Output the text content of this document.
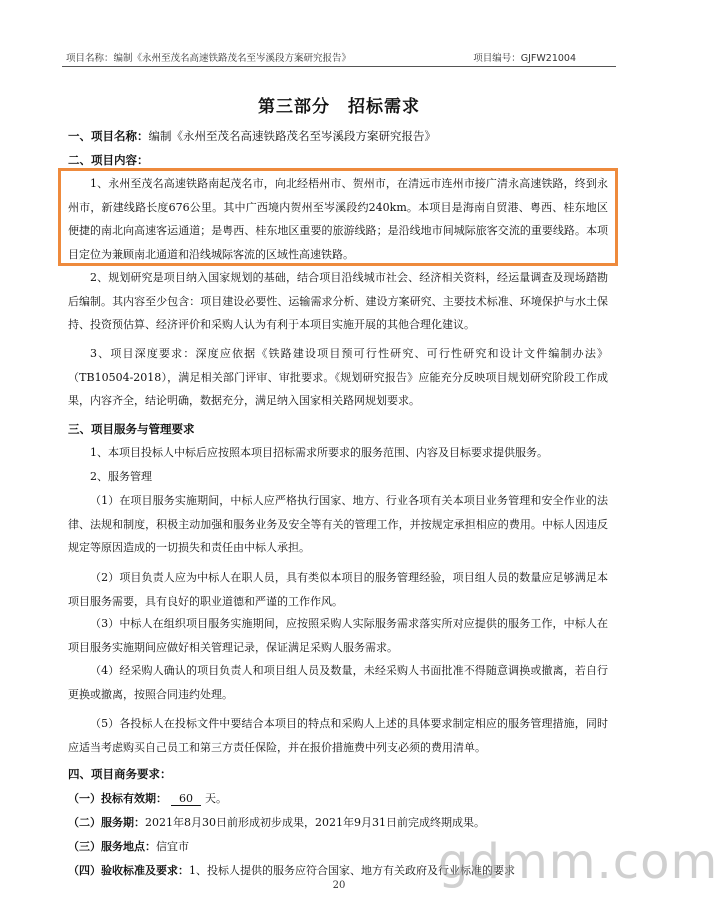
项目名称：编制《永州至茂名高速铁路茂名至岑溪段方案研究报告》	项目编号：GJFW21004
第三部分　招标需求
一、项目名称：编制《永州至茂名高速铁路茂名至岑溪段方案研究报告》
二、项目内容：
1、永州至茂名高速铁路南起茂名市，向北经梧州市、贺州市，在清远市连州市接广清永高速铁路，终到永州市，新建线路长度676公里。其中广西境内贺州至岑溪段约240km。本项目是海南自贸港、粤西、桂东地区便捷的南北向高速客运通道；是粤西、桂东地区重要的旅游线路；是沿线地市间城际旅客交流的重要线路。本项目定位为兼顾南北通道和沿线城际客流的区域性高速铁路。
2、规划研究是项目纳入国家规划的基础，结合项目沿线城市社会、经济相关资料，经运量调查及现场踏勘后编制。其内容至少包含：项目建设必要性、运输需求分析、建设方案研究、主要技术标准、环境保护与水土保持、投资预估算、经济评价和采购人认为有利于本项目实施开展的其他合理化建议。
3、项目深度要求：深度应依据《铁路建设项目预可行性研究、可行性研究和设计文件编制办法》（TB10504-2018），满足相关部门评审、审批要求。《规划研究报告》应能充分反映项目规划研究阶段工作成果，内容齐全，结论明确，数据充分，满足纳入国家相关路网规划要求。
三、项目服务与管理要求
1、本项目投标人中标后应按照本项目招标需求所要求的服务范围、内容及目标要求提供服务。
2、服务管理
（1）在项目服务实施期间，中标人应严格执行国家、地方、行业各项有关本项目业务管理和安全作业的法律、法规和制度，积极主动加强和服务业务及安全等有关的管理工作，并按规定承担相应的费用。中标人因违反规定等原因造成的一切损失和责任由中标人承担。
（2）项目负责人应为中标人在职人员，具有类似本项目的服务管理经验，项目组人员的数量应足够满足本项目服务需要，具有良好的职业道德和严谨的工作作风。
（3）中标人在组织项目服务实施期间，应按照采购人实际服务需求落实所对应提供的服务工作，中标人在项目服务实施期间应做好相关管理记录，保证满足采购人服务需求。
（4）经采购人确认的项目负责人和项目组人员及数量，未经采购人书面批准不得随意调换或撤离，若自行更换或撤离，按照合同违约处理。
（5）各投标人在投标文件中要结合本项目的特点和采购人上述的具体要求制定相应的服务管理措施，同时应适当考虑购买自己员工和第三方责任保险，并在报价措施费中列支必须的费用清单。
四、项目商务要求：
（一）投标有效期： 60 天。
（二）服务期：2021年8月30日前形成初步成果，2021年9月31日前完成终期成果。
（三）服务地点：信宜市
（四）验收标准及要求：1、投标人提供的服务应符合国家、地方有关政府及行业标准的要求
gdmm.com
20
